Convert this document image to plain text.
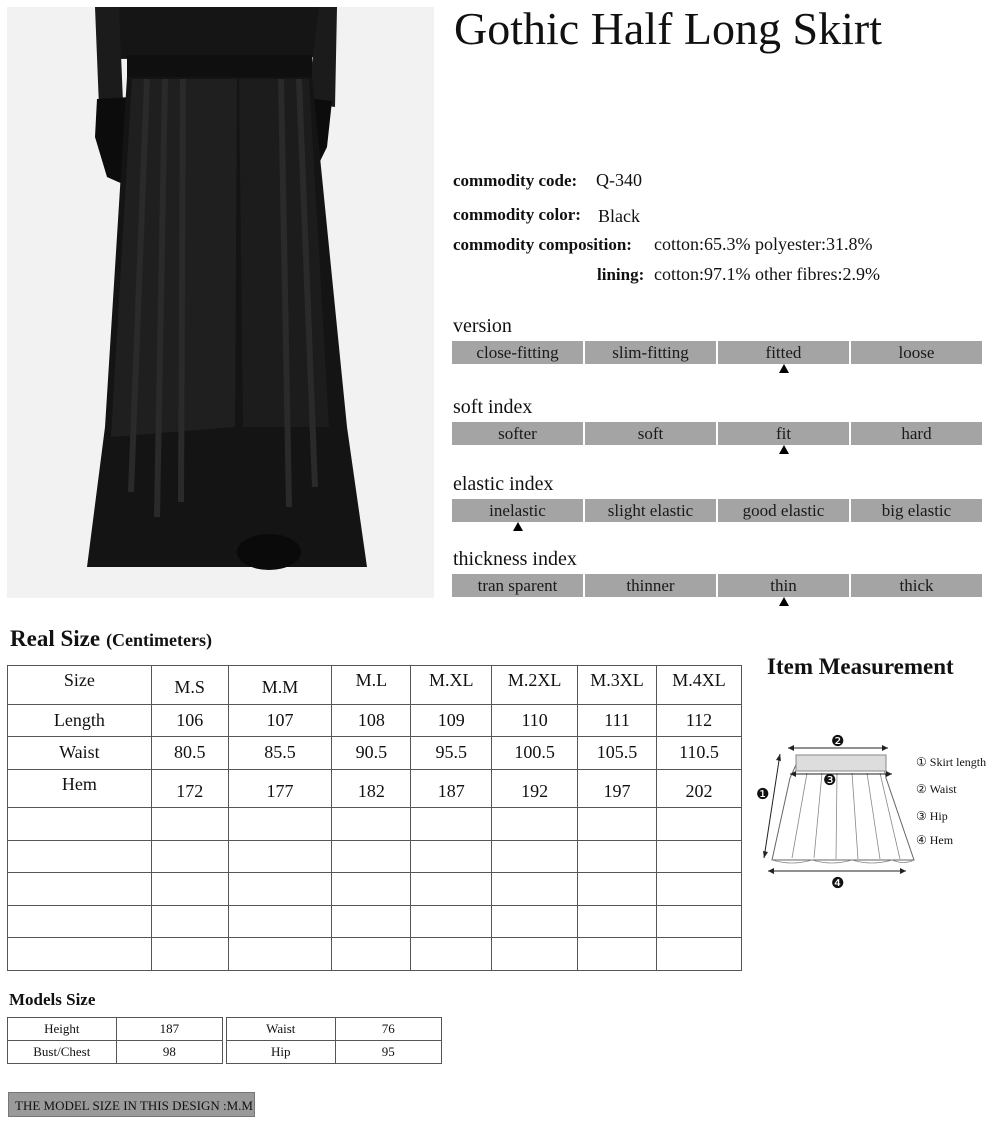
Gothic Half Long Skirt
commodity code: Q-340
commodity color: Black
commodity composition: cotton:65.3% polyester:31.8%
lining: cotton:97.1% other fibres:2.9%
version
close-fitting	slim-fitting	fitted	loose
soft index
softer	soft	fit	hard
elastic index
inelastic	slight elastic	good elastic	big elastic
thickness index
tran sparent	thinner	thin	thick
Real Size (Centimeters)
Size	M.S	M.M	M.L	M.XL	M.2XL	M.3XL	M.4XL
Length	106	107	108	109	110	111	112
Waist	80.5	85.5	90.5	95.5	100.5	105.5	110.5
Hem	172	177	182	187	192	197	202

Item Measurement
❶
❷
❸
❹
① Skirt length
② Waist
③ Hip
④ Hem
Models Size
Height	187
Bust/Chest	98
Waist	76
Hip	95
THE MODEL SIZE IN THIS DESIGN :M.M
